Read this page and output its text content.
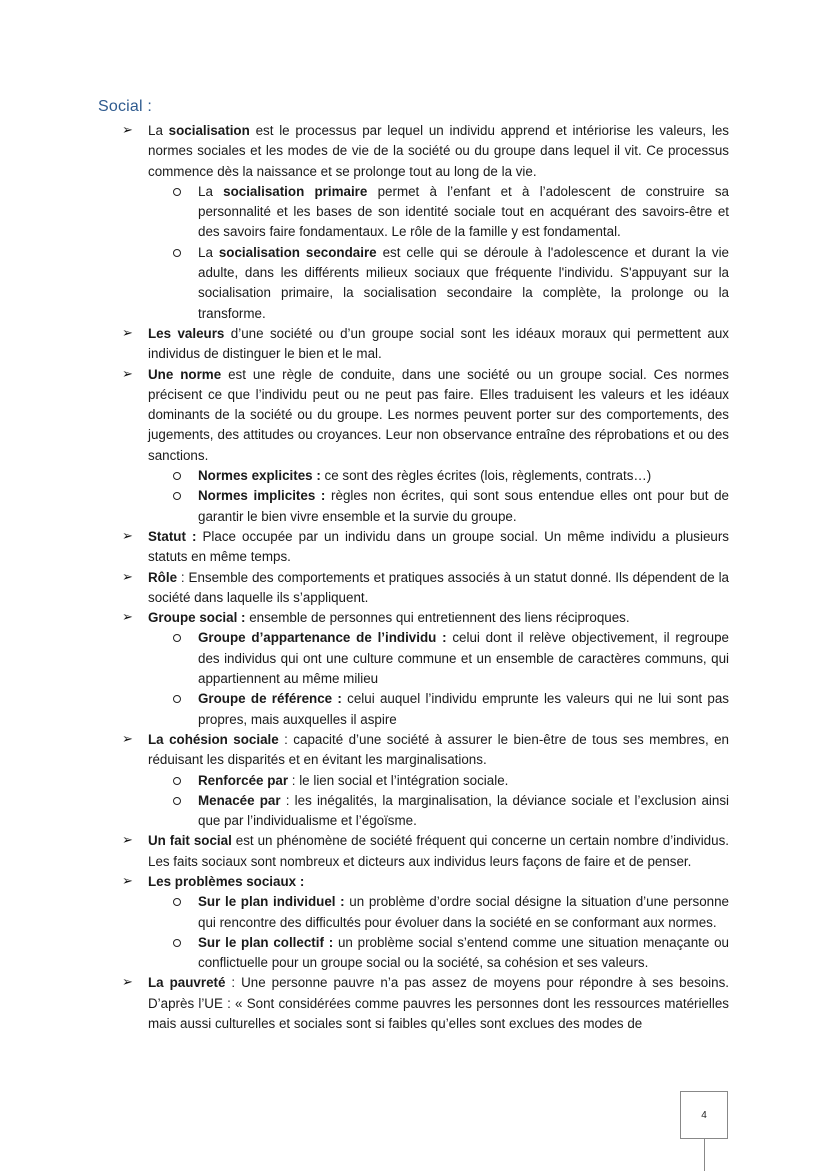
Social :
➢ La socialisation est le processus par lequel un individu apprend et intériorise les valeurs, les normes sociales et les modes de vie de la société ou du groupe dans lequel il vit. Ce processus commence dès la naissance et se prolonge tout au long de la vie.
La socialisation primaire permet à l’enfant et à l’adolescent de construire sa personnalité et les bases de son identité sociale tout en acquérant des savoirs-être et des savoirs faire fondamentaux. Le rôle de la famille y est fondamental.
La socialisation secondaire est celle qui se déroule à l'adolescence et durant la vie adulte, dans les différents milieux sociaux que fréquente l'individu. S'appuyant sur la socialisation primaire, la socialisation secondaire la complète, la prolonge ou la transforme.
➢ Les valeurs d’une société ou d’un groupe social sont les idéaux moraux qui permettent aux individus de distinguer le bien et le mal.
➢ Une norme est une règle de conduite, dans une société ou un groupe social. Ces normes précisent ce que l’individu peut ou ne peut pas faire. Elles traduisent les valeurs et les idéaux dominants de la société ou du groupe. Les normes peuvent porter sur des comportements, des jugements, des attitudes ou croyances. Leur non observance entraîne des réprobations et ou des sanctions.
Normes explicites : ce sont des règles écrites (lois, règlements, contrats…)
Normes implicites : règles non écrites, qui sont sous entendue elles ont pour but de garantir le bien vivre ensemble et la survie du groupe.
➢ Statut : Place occupée par un individu dans un groupe social. Un même individu a plusieurs statuts en même temps.
➢ Rôle : Ensemble des comportements et pratiques associés à un statut donné. Ils dépendent de la société dans laquelle ils s’appliquent.
➢ Groupe social : ensemble de personnes qui entretiennent des liens réciproques.
Groupe d’appartenance de l’individu : celui dont il relève objectivement, il regroupe des individus qui ont une culture commune et un ensemble de caractères communs, qui appartiennent au même milieu
Groupe de référence : celui auquel l’individu emprunte les valeurs qui ne lui sont pas propres, mais auxquelles il aspire
➢ La cohésion sociale : capacité d’une société à assurer le bien-être de tous ses membres, en réduisant les disparités et en évitant les marginalisations.
Renforcée par : le lien social et l’intégration sociale.
Menacée par : les inégalités, la marginalisation, la déviance sociale et l’exclusion ainsi que par l’individualisme et l’égoïsme.
➢ Un fait social est un phénomène de société fréquent qui concerne un certain nombre d’individus. Les faits sociaux sont nombreux et dicteurs aux individus leurs façons de faire et de penser.
➢ Les problèmes sociaux :
Sur le plan individuel : un problème d’ordre social désigne la situation d’une personne qui rencontre des difficultés pour évoluer dans la société en se conformant aux normes.
Sur le plan collectif : un problème social s’entend comme une situation menaçante ou conflictuelle pour un groupe social ou la société, sa cohésion et ses valeurs.
➢ La pauvreté : Une personne pauvre n’a pas assez de moyens pour répondre à ses besoins. D’après l’UE : « Sont considérées comme pauvres les personnes dont les ressources matérielles mais aussi culturelles et sociales sont si faibles qu’elles sont exclues des modes de
4
